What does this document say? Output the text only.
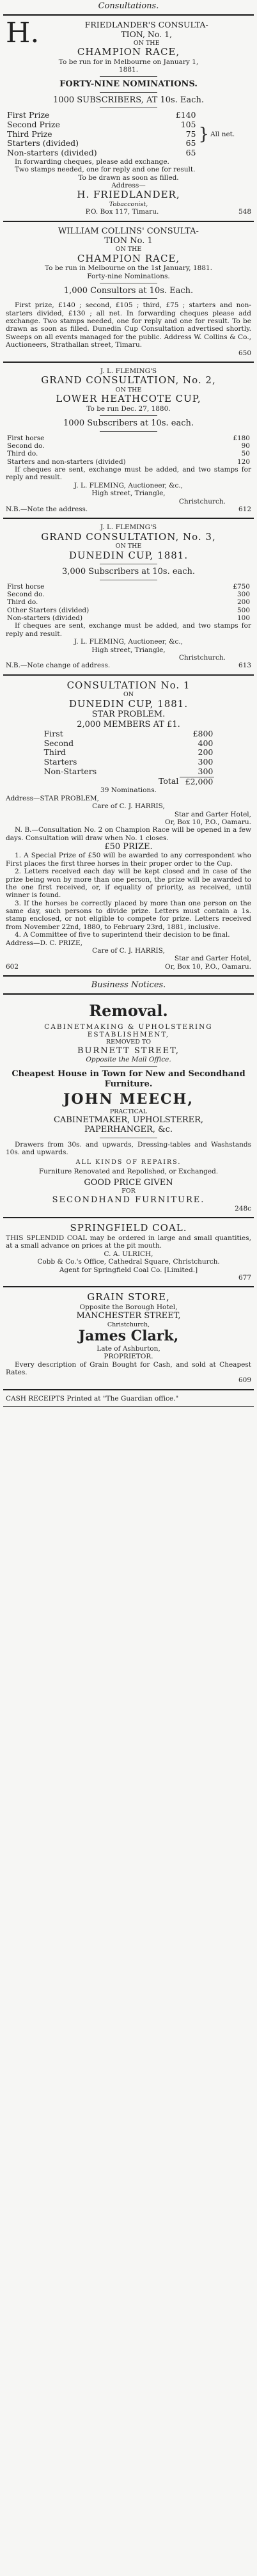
Consultations.
H.	FRIEDLANDER'S CONSULTA-
TION, No. 1,
ON THE
CHAMPION RACE,
To be run for in Melbourne on January 1,
1881.
FORTY-NINE NOMINATIONS.
1000 SUBSCRIBERS, AT 10s. Each.
First Prize	£140
Second Prize	105
Third Prize	75
Starters (divided)	65
Non-starters (divided)	65
} All net.

In forwarding cheques, please add exchange.

Two stamps needed, one for reply and one for result.

To be drawn as soon as filled.

Address—
H. FRIEDLANDER,
Tobacconist,
P.O. Box 117, Timaru.	548
WILLIAM COLLINS' CONSULTA-
TION No. 1
ON THE
CHAMPION RACE,
To be run in Melbourne on the 1st January, 1881.
Forty-nine Nominations.
1,000 Consultors at 10s. Each.

First prize, £140 ; second, £105 ; third, £75 ; starters and non-starters divided, £130 ; all net. In forwarding cheques please add exchange. Two stamps needed, one for reply and one for result. To be drawn as soon as filled. Dunedin Cup Consultation advertised shortly. Sweeps on all events managed for the public. Address W. Collins & Co., Auctioneers, Strathallan street, Timaru.

650
J. L. FLEMING'S
GRAND CONSULTATION, No. 2,
ON THE
LOWER HEATHCOTE CUP,
To be run Dec. 27, 1880.
1000 Subscribers at 10s. each.
First horse	£180
Second do.	90
Third do.	50
Starters and non-starters (divided)	120

If cheques are sent, exchange must be added, and two stamps for reply and result.

J. L. FLEMING, Auctioneer, &c.,
High street, Triangle,
Christchurch.
N.B.—Note the address.	612
J. L. FLEMING'S
GRAND CONSULTATION, No. 3,
ON THE
DUNEDIN CUP, 1881.
3,000 Subscribers at 10s. each.
First horse	£750
Second do.	300
Third do.	200
Other Starters (divided)	500
Non-starters (divided)	100

If cheques are sent, exchange must be added, and two stamps for reply and result.

J. L. FLEMING, Auctioneer, &c.,
High street, Triangle,
Christchurch.
N.B.—Note change of address.	613
CONSULTATION No. 1
ON
DUNEDIN CUP, 1881.
STAR PROBLEM.
2,000 MEMBERS AT £1.
First	£800
Second	400
Third	200
Starters	300
Non-Starters	300
Total	£2,000
39 Nominations.
Address—STAR PROBLEM,
Care of C. J. HARRIS,
Star and Garter Hotel,
Or, Box 10, P.O., Oamaru.

N. B.—Consultation No. 2 on Champion Race will be opened in a few days. Consultation will draw when No. 1 closes.

£50 PRIZE.

1. A Special Prize of £50 will be awarded to any correspondent who First places the first three horses in their proper order to the Cup.

2. Letters received each day will be kept closed and in case of the prize being won by more than one person, the prize will be awarded to the one first received, or, if equality of priority, as received, until winner is found.

3. If the horses be correctly placed by more than one person on the same day, such persons to divide prize. Letters must contain a 1s. stamp enclosed, or not eligible to compete for prize. Letters received from November 22nd, 1880, to February 23rd, 1881, inclusive.

4. A Committee of five to superintend their decision to be final.

Address—D. C. PRIZE,
Care of C. J. HARRIS,
Star and Garter Hotel,
602	Or, Box 10, P.O., Oamaru.
Business Notices.
Removal.
CABINETMAKING & UPHOLSTERING
ESTABLISHMENT,
REMOVED TO
BURNETT STREET,
Opposite the Mail Office.
Cheapest House in Town for New and Secondhand Furniture.
JOHN MEECH,
PRACTICAL
CABINETMAKER, UPHOLSTERER,
PAPERHANGER, &c.

Drawers from 30s. and upwards, Dressing-tables and Washstands 10s. and upwards.

ALL KINDS OF REPAIRS.

Furniture Renovated and Repolished, or Exchanged.

GOOD PRICE GIVEN
FOR
SECONDHAND FURNITURE.
248c
SPRINGFIELD COAL.

THIS SPLENDID COAL may be ordered in large and small quantities, at a small advance on prices at the pit mouth.

C. A. ULRICH,

Cobb & Co.'s Office, Cathedral Square, Christchurch.

Agent for Springfield Coal Co. [Limited.]

677
GRAIN STORE,
Opposite the Borough Hotel,
MANCHESTER STREET,
Christchurch,
James Clark,
Late of Ashburton,
PROPRIETOR.

Every description of Grain Bought for Cash, and sold at Cheapest Rates.

609

CASH RECEIPTS Printed at "The Guardian office."
